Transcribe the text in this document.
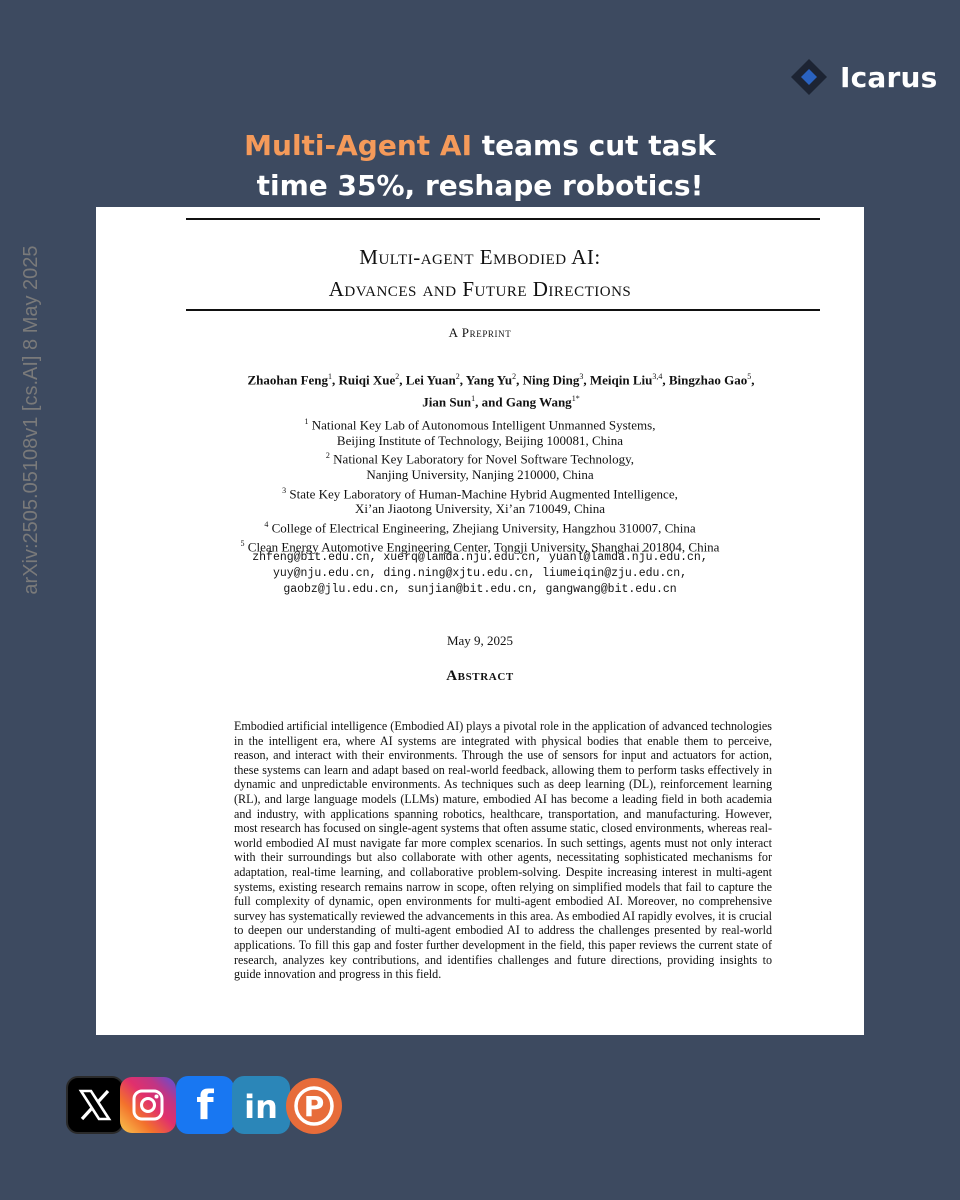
Icarus
Multi-Agent AI teams cut task
time 35%, reshape robotics!
Multi-agent Embodied AI:
Advances and Future Directions
A Preprint
Zhaohan Feng$^1$, Ruiqi Xue$^2$, Lei Yuan$^2$, Yang Yu$^2$, Ning Ding$^3$, Meiqin Liu$^{3,4}$, Bingzhao Gao$^5$,
Jian Sun$^1$, and Gang Wang$^{1*}$
$^1$ National Key Lab of Autonomous Intelligent Unmanned Systems,
Beijing Institute of Technology, Beijing 100081, China
$^2$ National Key Laboratory for Novel Software Technology,
Nanjing University, Nanjing 210000, China
$^3$ State Key Laboratory of Human-Machine Hybrid Augmented Intelligence,
Xi’an Jiaotong University, Xi’an 710049, China
$^4$ College of Electrical Engineering, Zhejiang University, Hangzhou 310007, China
$^5$ Clean Energy Automotive Engineering Center, Tongji University, Shanghai 201804, China
zhfeng@bit.edu.cn, xuerq@lamda.nju.edu.cn, yuanl@lamda.nju.edu.cn,
yuy@nju.edu.cn, ding.ning@xjtu.edu.cn, liumeiqin@zju.edu.cn,
gaobz@jlu.edu.cn, sunjian@bit.edu.cn, gangwang@bit.edu.cn
May 9, 2025
Abstract
Embodied artificial intelligence (Embodied AI) plays a pivotal role in the application of advanced technologies in the intelligent era, where AI systems are integrated with physical bodies that enable them to perceive, reason, and interact with their environments. Through the use of sensors for input and actuators for action, these systems can learn and adapt based on real-world feedback, allowing them to perform tasks effectively in dynamic and unpredictable environments. As techniques such as deep learning (DL), reinforcement learning (RL), and large language models (LLMs) mature, embodied AI has become a leading field in both academia and industry, with applications spanning robotics, healthcare, transportation, and manufacturing. However, most research has focused on single-agent systems that often assume static, closed environments, whereas real-world embodied AI must navigate far more complex scenarios. In such settings, agents must not only interact with their surroundings but also collaborate with other agents, necessitating sophisticated mechanisms for adaptation, real-time learning, and collaborative problem-solving. Despite increasing interest in multi-agent systems, existing research remains narrow in scope, often relying on simplified models that fail to capture the full complexity of dynamic, open environments for multi-agent embodied AI. Moreover, no comprehensive survey has systematically reviewed the advancements in this area. As embodied AI rapidly evolves, it is crucial to deepen our understanding of multi-agent embodied AI to address the challenges presented by real-world applications. To fill this gap and foster further development in the field, this paper reviews the current state of research, analyzes key contributions, and identifies challenges and future directions, providing insights to guide innovation and progress in this field.
arXiv:2505.05108v1 [cs.AI] 8 May 2025
f in P
